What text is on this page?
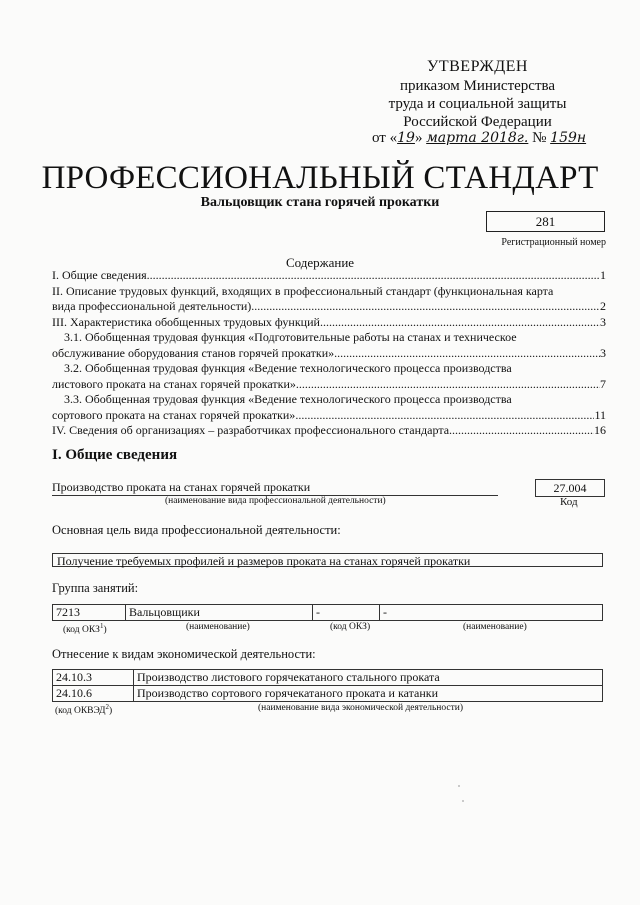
УТВЕРЖДЕН
приказом Министерства
труда и социальной защиты
Российской Федерации
от «19» марта 2018г. № 159н
ПРОФЕССИОНАЛЬНЫЙ СТАНДАРТ
Вальцовщик стана горячей прокатки
281
Регистрационный номер
Содержание
I. Общие сведения .....	1
II. Описание трудовых функций, входящих в профессиональный стандарт (функциональная карта
вида профессиональной деятельности) .....	2
III. Характеристика обобщенных трудовых функций .....	3
3.1. Обобщенная трудовая функция «Подготовительные работы на станах и техническое
обслуживание оборудования станов горячей прокатки» .....	3
3.2. Обобщенная трудовая функция «Ведение технологического процесса производства
листового проката на станах горячей прокатки» .....	7
3.3. Обобщенная трудовая функция «Ведение технологического процесса производства
сортового проката на станах горячей прокатки» .....	11
IV. Сведения об организациях – разработчиках профессионального стандарта .....	16
I. Общие сведения
Производство проката на станах горячей прокатки
(наименование вида профессиональной деятельности)
27.004
Код
Основная цель вида профессиональной деятельности:
Получение требуемых профилей и размеров проката на станах горячей прокатки
Группа занятий:
7213	Вальцовщики	-	-
(код ОКЗ$^1$)	(наименование)	(код ОКЗ)	(наименование)
Отнесение к видам экономической деятельности:
24.10.3	Производство листового горячекатаного стального проката
24.10.6	Производство сортового горячекатаного проката и катанки
(код ОКВЭД$^2$)	(наименование вида экономической деятельности)
